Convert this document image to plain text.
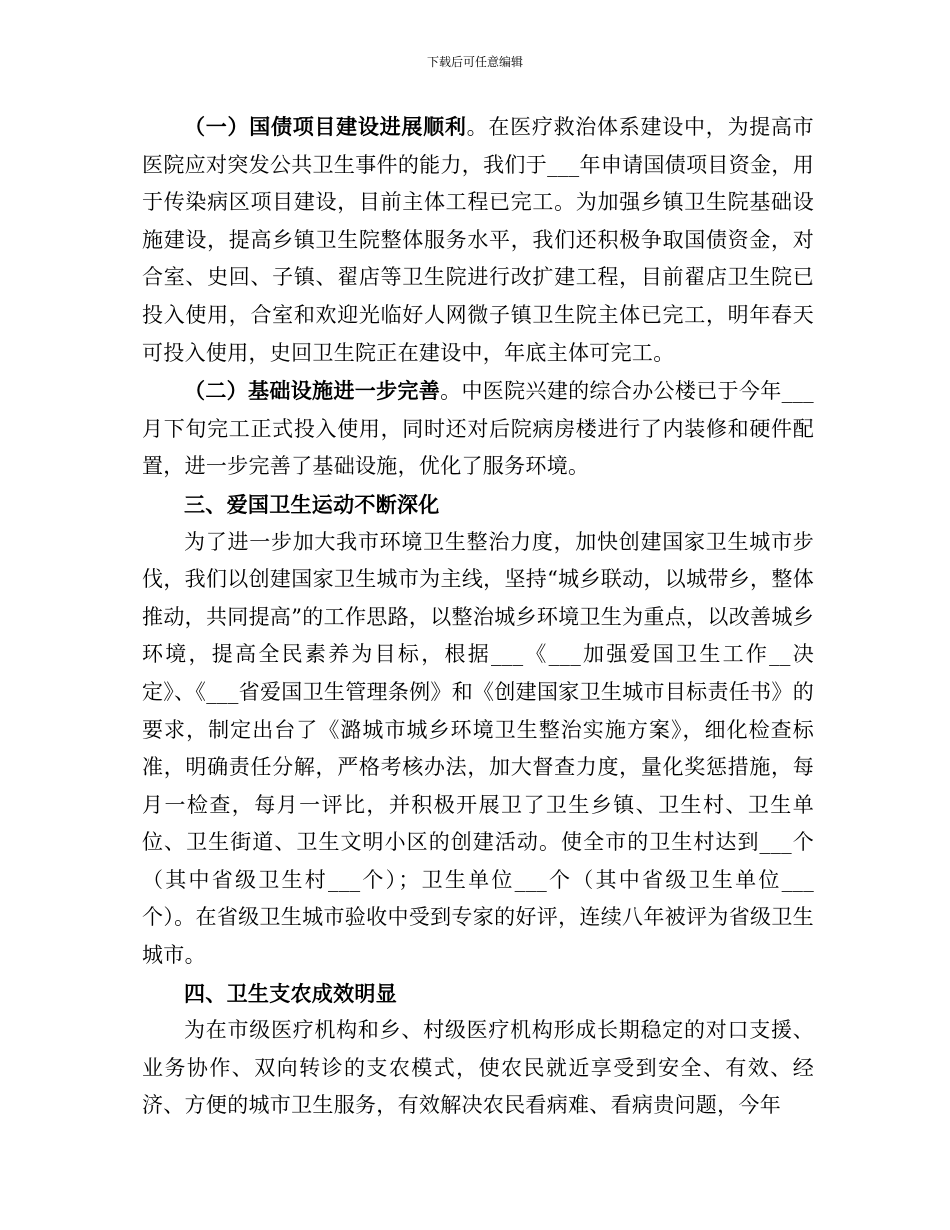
下载后可任意编辑

（一）国债项目建设进展顺利。在医疗救治体系建设中，为提高市医院应对突发公共卫生事件的能力，我们于___年申请国债项目资金，用于传染病区项目建设，目前主体工程已完工。为加强乡镇卫生院基础设施建设，提高乡镇卫生院整体服务水平，我们还积极争取国债资金，对合室、史回、子镇、翟店等卫生院进行改扩建工程，目前翟店卫生院已投入使用，合室和欢迎光临好人网微子镇卫生院主体已完工，明年春天可投入使用，史回卫生院正在建设中，年底主体可完工。

（二）基础设施进一步完善。中医院兴建的综合办公楼已于今年___月下旬完工正式投入使用，同时还对后院病房楼进行了内装修和硬件配置，进一步完善了基础设施，优化了服务环境。

三、爱国卫生运动不断深化

为了进一步加大我市环境卫生整治力度，加快创建国家卫生城市步伐，我们以创建国家卫生城市为主线，坚持“城乡联动，以城带乡，整体推动，共同提高”的工作思路，以整治城乡环境卫生为重点，以改善城乡环境，提高全民素养为目标，根据___《___加强爱国卫生工作__决定》、《___省爱国卫生管理条例》和《创建国家卫生城市目标责任书》的要求，制定出台了《潞城市城乡环境卫生整治实施方案》，细化检查标准，明确责任分解，严格考核办法，加大督查力度，量化奖惩措施，每月一检查，每月一评比，并积极开展卫了卫生乡镇、卫生村、卫生单位、卫生街道、卫生文明小区的创建活动。使全市的卫生村达到___个（其中省级卫生村___个）；卫生单位___个（其中省级卫生单位___个）。在省级卫生城市验收中受到专家的好评，连续八年被评为省级卫生城市。

四、卫生支农成效明显

为在市级医疗机构和乡、村级医疗机构形成长期稳定的对口支援、业务协作、双向转诊的支农模式，使农民就近享受到安全、有效、经济、方便的城市卫生服务，有效解决农民看病难、看病贵问题，今年
